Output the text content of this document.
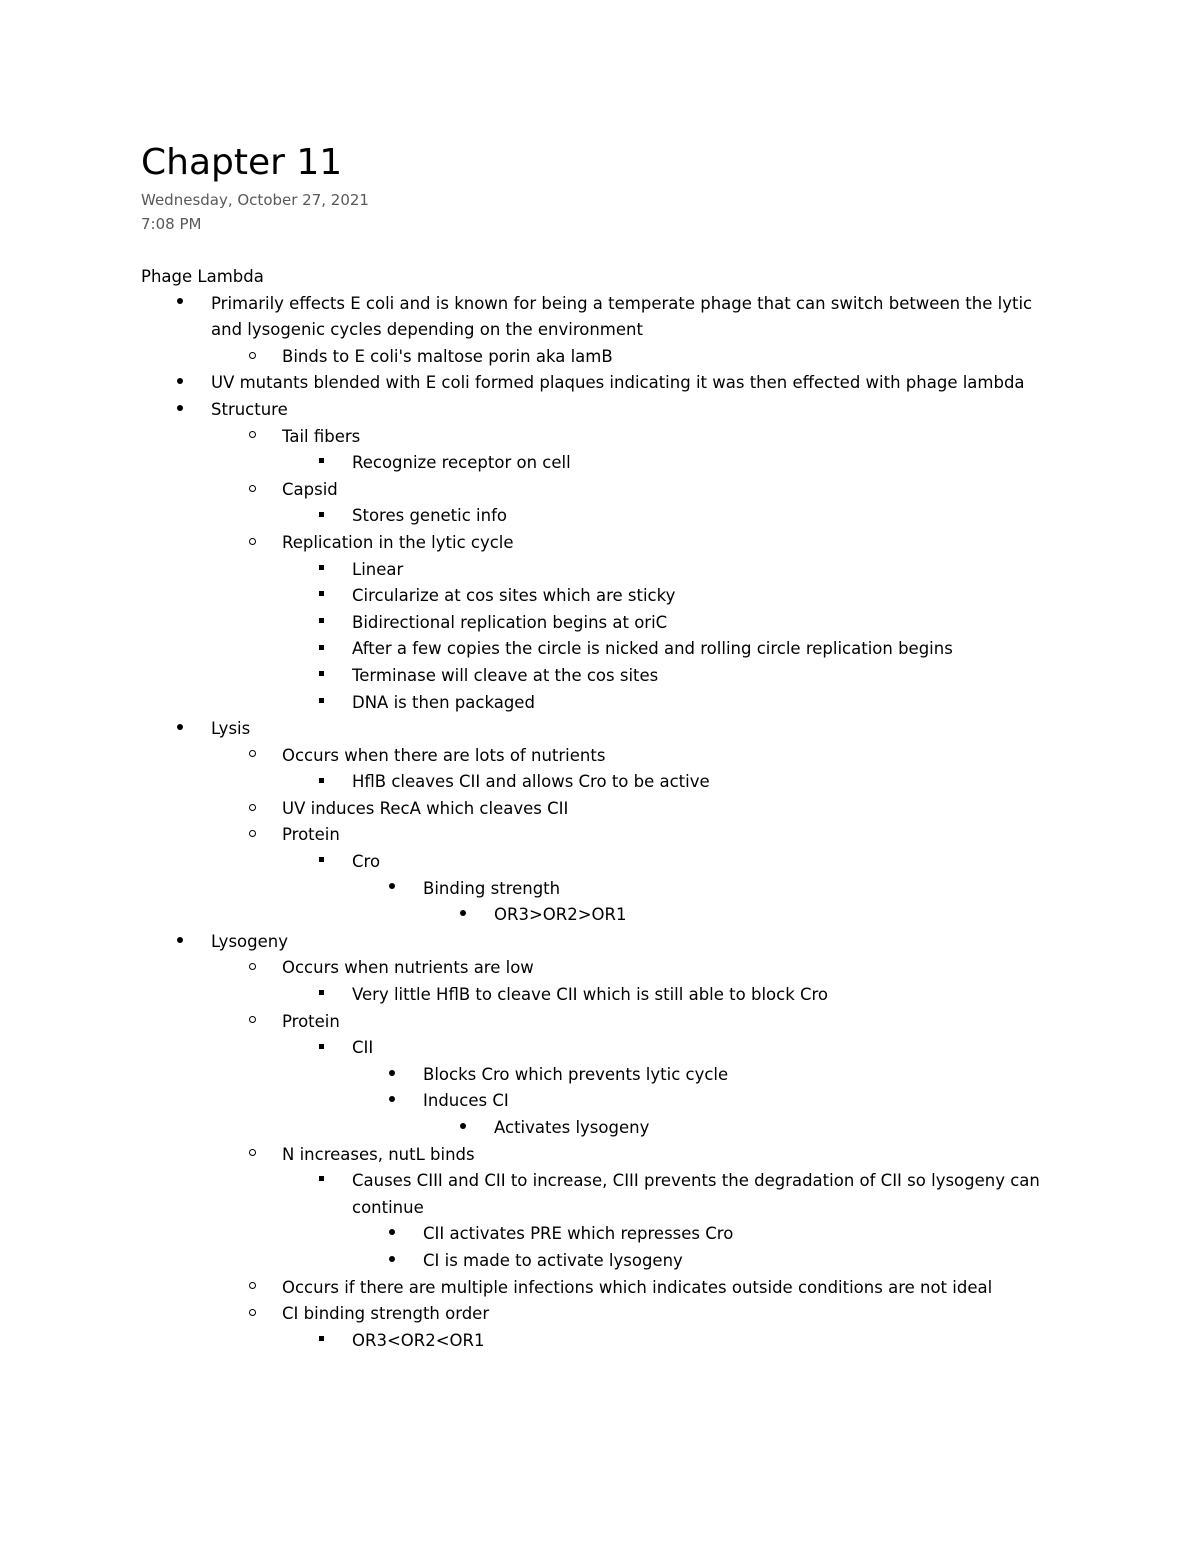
Chapter 11
Wednesday, October 27, 2021
7:08 PM
Phage Lambda
Primarily effects E coli and is known for being a temperate phage that can switch between the lytic and lysogenic cycles depending on the environment
Binds to E coli's maltose porin aka lamB
UV mutants blended with E coli formed plaques indicating it was then effected with phage lambda
Structure
Tail fibers
Recognize receptor on cell
Capsid
Stores genetic info
Replication in the lytic cycle
Linear
Circularize at cos sites which are sticky
Bidirectional replication begins at oriC
After a few copies the circle is nicked and rolling circle replication begins
Terminase will cleave at the cos sites
DNA is then packaged
Lysis
Occurs when there are lots of nutrients
HflB cleaves CII and allows Cro to be active
UV induces RecA which cleaves CII
Protein
Cro
Binding strength
OR3>OR2>OR1
Lysogeny
Occurs when nutrients are low
Very little HflB to cleave CII which is still able to block Cro
Protein
CII
Blocks Cro which prevents lytic cycle
Induces CI
Activates lysogeny
N increases, nutL binds
Causes CIII and CII to increase, CIII prevents the degradation of CII so lysogeny can continue
CII activates PRE which represses Cro
CI is made to activate lysogeny
Occurs if there are multiple infections which indicates outside conditions are not ideal
CI binding strength order
OR3<OR2<OR1
